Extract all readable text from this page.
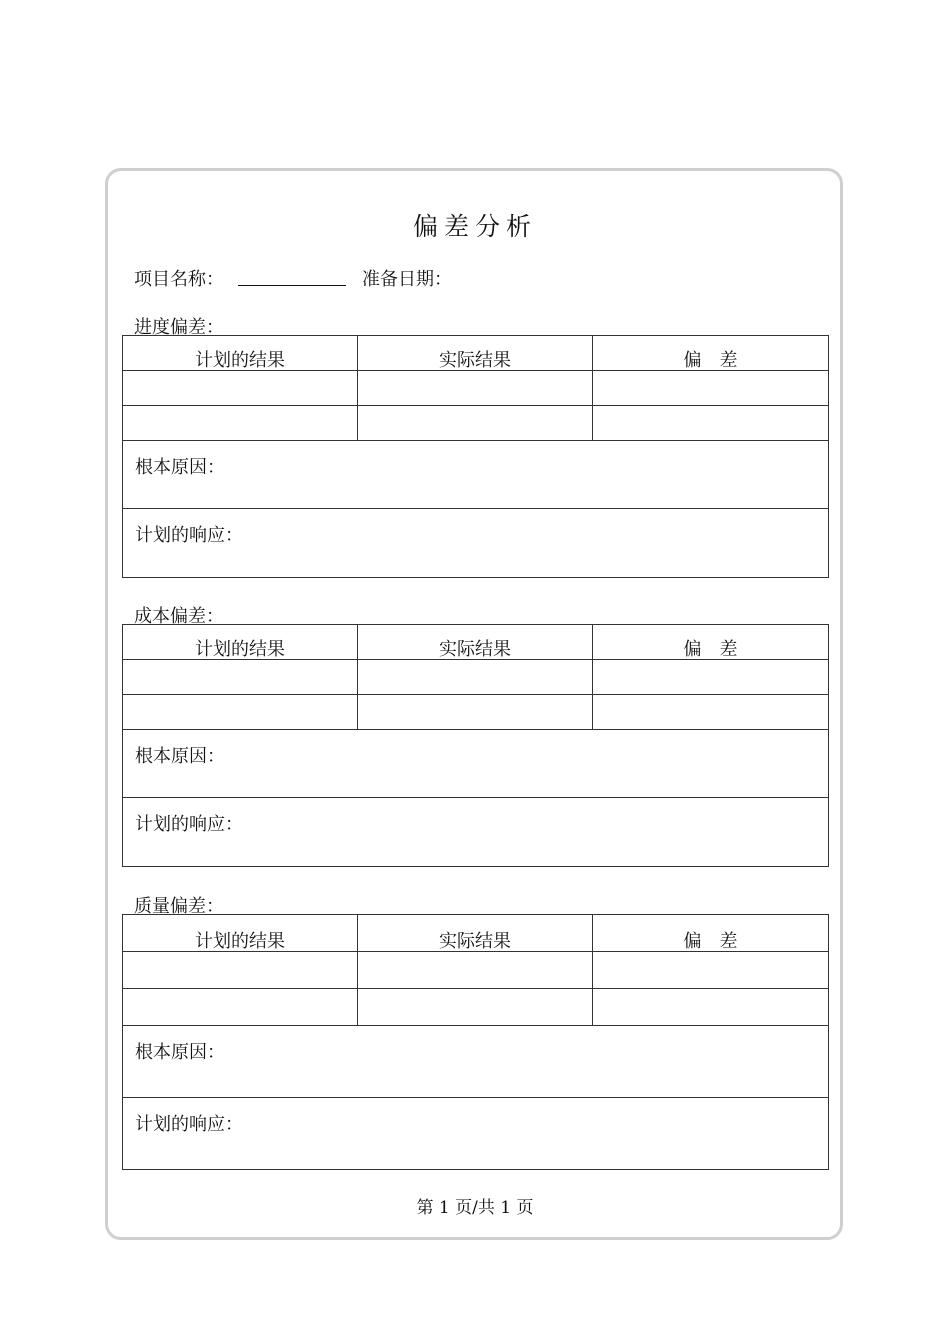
偏差分析
项目名称：	准备日期：
进度偏差：
计划的结果	实际结果	偏　差

根本原因：		
计划的响应：		
成本偏差：
计划的结果	实际结果	偏　差

根本原因：		
计划的响应：		
质量偏差：
计划的结果	实际结果	偏　差

根本原因：		
计划的响应：		
第 1 页/共 1 页
